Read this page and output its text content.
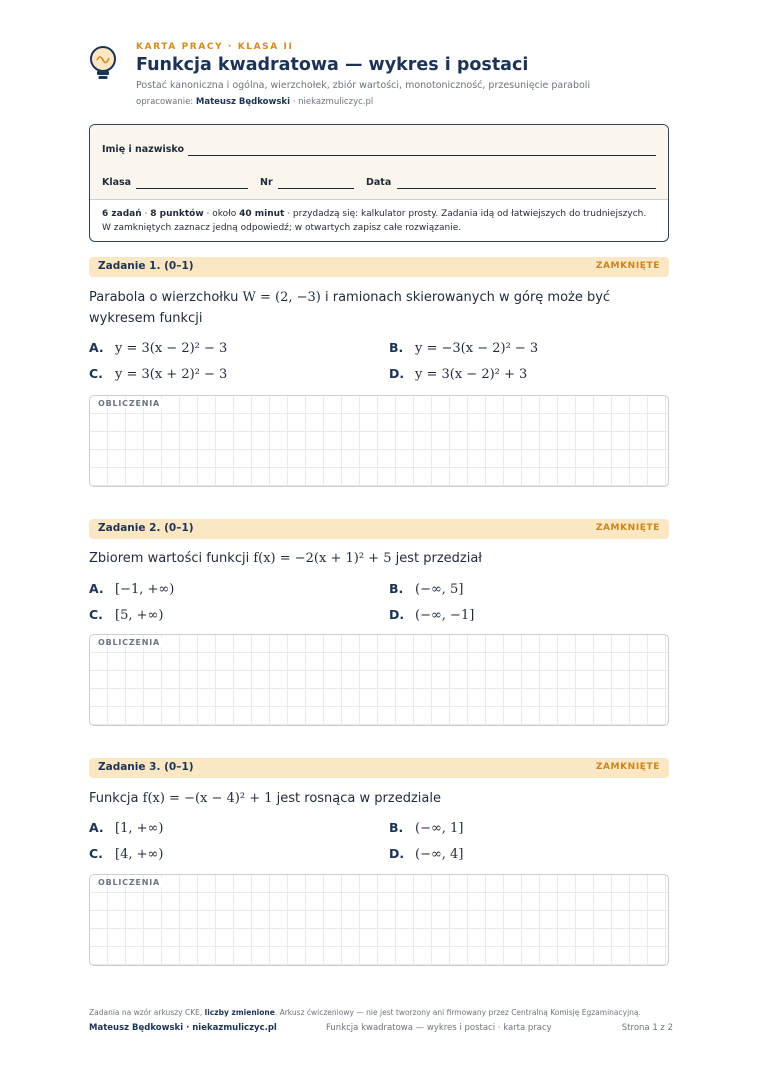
KARTA PRACY · KLASA II
Funkcja kwadratowa — wykres i postaci
Postać kanoniczna i ogólna, wierzchołek, zbiór wartości, monotoniczność, przesunięcie paraboli
opracowanie: Mateusz Będkowski · niekazmuliczyc.pl
Imię i nazwisko
Klasa	Nr	Data
6 zadań · 8 punktów · około 40 minut · przydadzą się: kalkulator prosty. Zadania idą od łatwiejszych do trudniejszych. W zamkniętych zaznacz jedną odpowiedź; w otwartych zapisz całe rozwiązanie.
Zadanie 1. (0–1)	ZAMKNIĘTE
Parabola o wierzchołku W = (2, −3) i ramionach skierowanych w górę może być wykresem funkcji
A. y = 3(x − 2)² − 3	B. y = −3(x − 2)² − 3
C. y = 3(x + 2)² − 3	D. y = 3(x − 2)² + 3
OBLICZENIA
Zadanie 2. (0–1)	ZAMKNIĘTE
Zbiorem wartości funkcji f(x) = −2(x + 1)² + 5 jest przedział
A. [−1, +∞)	B. (−∞, 5]
C. [5, +∞)	D. (−∞, −1]
OBLICZENIA
Zadanie 3. (0–1)	ZAMKNIĘTE
Funkcja f(x) = −(x − 4)² + 1 jest rosnąca w przedziale
A. [1, +∞)	B. (−∞, 1]
C. [4, +∞)	D. (−∞, 4]
OBLICZENIA
Zadania na wzór arkuszy CKE, liczby zmienione. Arkusz ćwiczeniowy — nie jest tworzony ani firmowany przez Centralną Komisję Egzaminacyjną.
Mateusz Będkowski · niekazmuliczyc.pl	Funkcja kwadratowa — wykres i postaci · karta pracy	Strona 1 z 2
